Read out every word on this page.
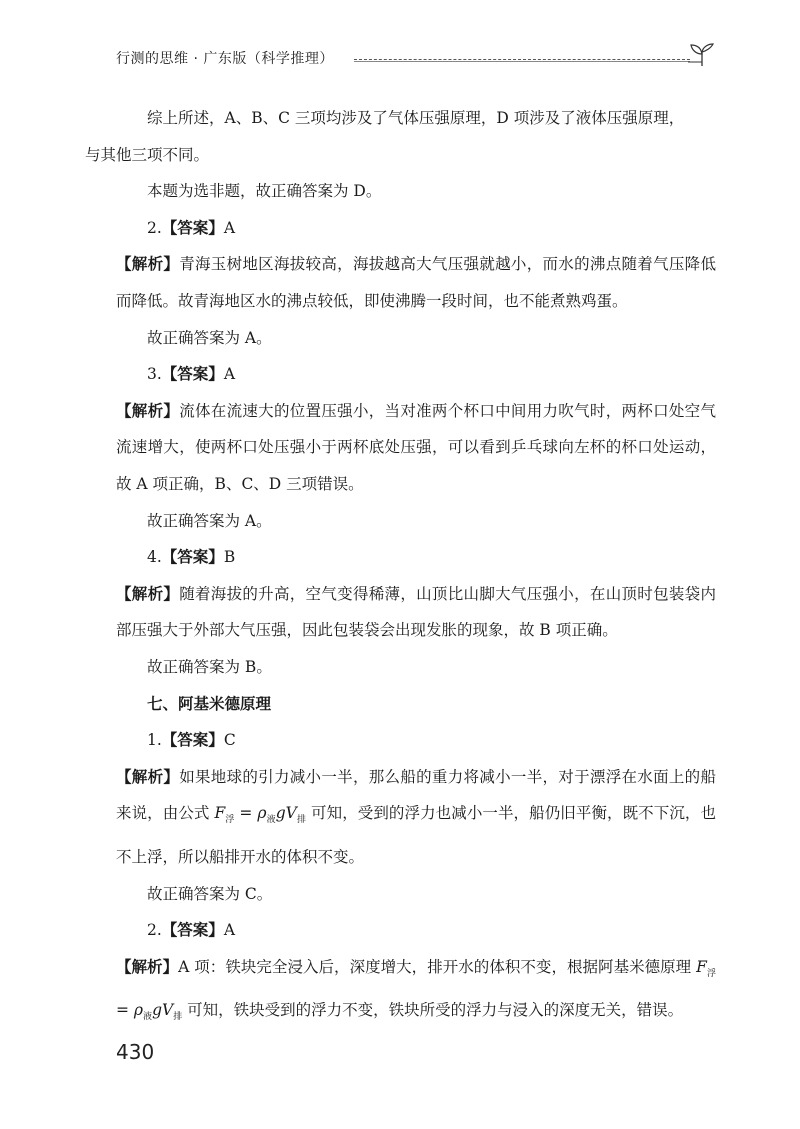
行测的思维 · 广东版（科学推理）

综上所述，A、B、C 三项均涉及了气体压强原理，D 项涉及了液体压强原理，
与其他三项不同。

本题为选非题，故正确答案为 D。

2.【答案】A

【解析】青海玉树地区海拔较高，海拔越高大气压强就越小，而水的沸点随着气压降低而降低。故青海地区水的沸点较低，即使沸腾一段时间，也不能煮熟鸡蛋。

故正确答案为 A。

3.【答案】A

【解析】流体在流速大的位置压强小，当对准两个杯口中间用力吹气时，两杯口处空气流速增大，使两杯口处压强小于两杯底处压强，可以看到乒乓球向左杯的杯口处运动，故 A 项正确，B、C、D 三项错误。

故正确答案为 A。

4.【答案】B

【解析】随着海拔的升高，空气变得稀薄，山顶比山脚大气压强小，在山顶时包装袋内部压强大于外部大气压强，因此包装袋会出现发胀的现象，故 B 项正确。

故正确答案为 B。

七、阿基米德原理

1.【答案】C

【解析】如果地球的引力减小一半，那么船的重力将减小一半，对于漂浮在水面上的船来说，由公式 $F_浮 = \rho_液gV_排$ 可知，受到的浮力也减小一半，船仍旧平衡，既不下沉，也不上浮，所以船排开水的体积不变。

故正确答案为 C。

2.【答案】A

【解析】A 项：铁块完全浸入后，深度增大，排开水的体积不变，根据阿基米德原理 $F_浮 = \rho_液gV_排$ 可知，铁块受到的浮力不变，铁块所受的浮力与浸入的深度无关，错误。

430
